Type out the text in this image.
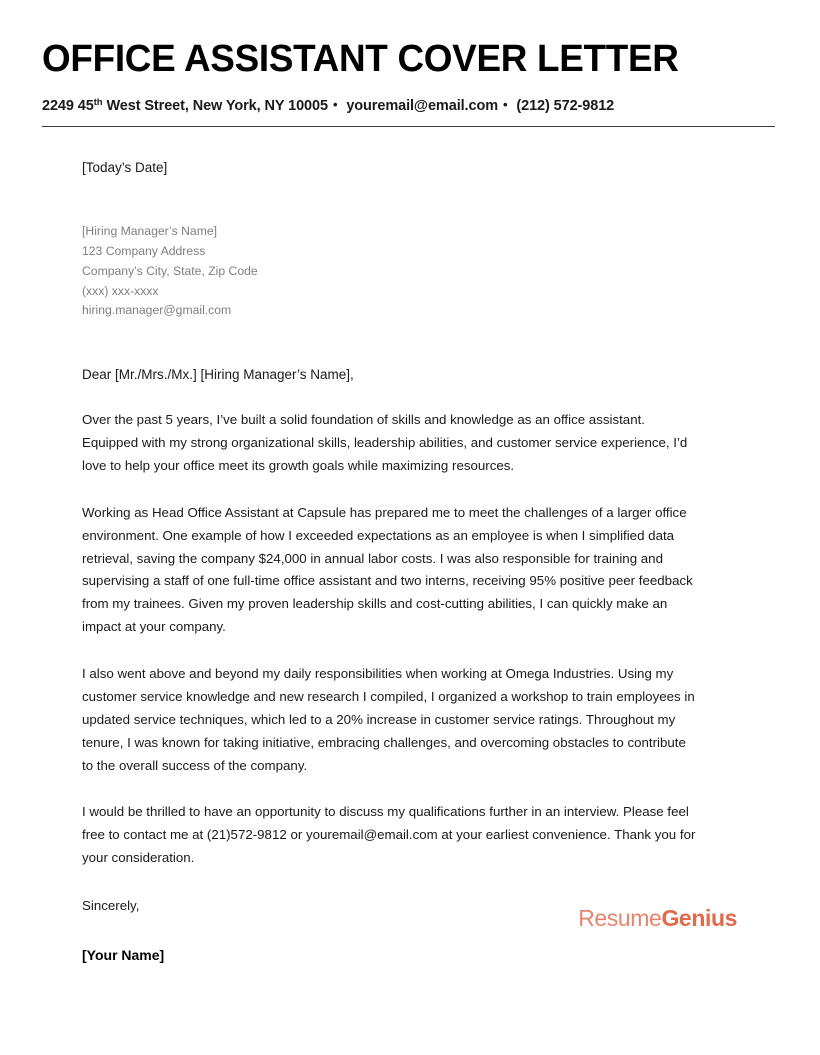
OFFICE ASSISTANT COVER LETTER
2249 45th West Street, New York, NY 10005 • youremail@email.com • (212) 572-9812
[Today’s Date]
[Hiring Manager’s Name]
123 Company Address
Company’s City, State, Zip Code
(xxx) xxx-xxxx
hiring.manager@gmail.com
Dear [Mr./Mrs./Mx.] [Hiring Manager’s Name],

Over the past 5 years, I’ve built a solid foundation of skills and knowledge as an office assistant. Equipped with my strong organizational skills, leadership abilities, and customer service experience, I’d love to help your office meet its growth goals while maximizing resources.

Working as Head Office Assistant at Capsule has prepared me to meet the challenges of a larger office environment. One example of how I exceeded expectations as an employee is when I simplified data retrieval, saving the company $24,000 in annual labor costs. I was also responsible for training and supervising a staff of one full-time office assistant and two interns, receiving 95% positive peer feedback from my trainees. Given my proven leadership skills and cost-cutting abilities, I can quickly make an impact at your company.

I also went above and beyond my daily responsibilities when working at Omega Industries. Using my customer service knowledge and new research I compiled, I organized a workshop to train employees in updated service techniques, which led to a 20% increase in customer service ratings. Throughout my tenure, I was known for taking initiative, embracing challenges, and overcoming obstacles to contribute to the overall success of the company.

I would be thrilled to have an opportunity to discuss my qualifications further in an interview. Please feel free to contact me at (21)572-9812 or youremail@email.com at your earliest convenience. Thank you for your consideration.

Sincerely,
[Your Name]
ResumeGenius
